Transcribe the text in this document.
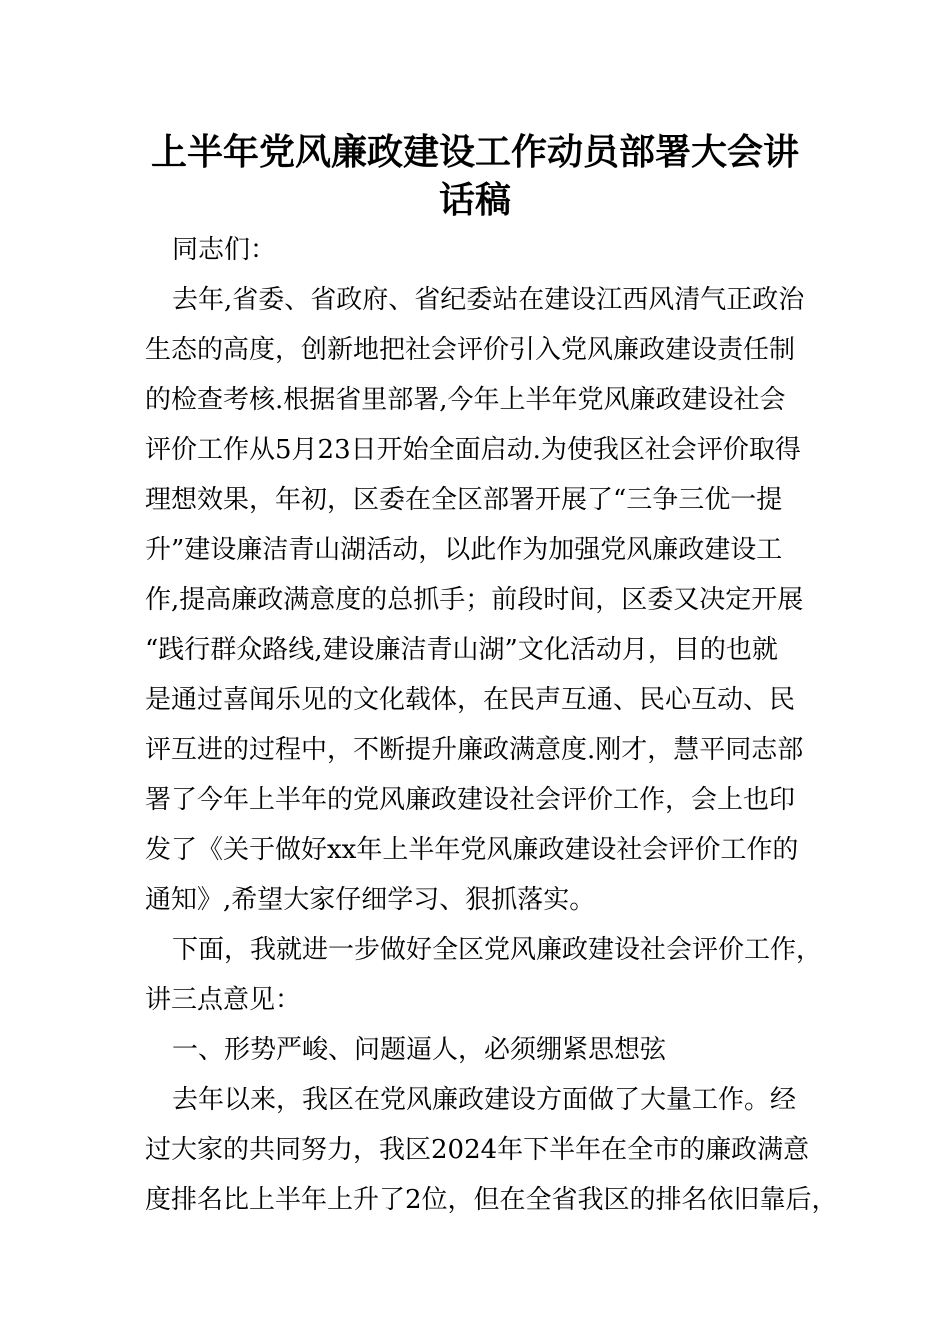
上半年党风廉政建设工作动员部署大会讲
话稿
同志们：
去年,省委、省政府、省纪委站在建设江西风清气正政治
生态的高度，创新地把社会评价引入党风廉政建设责任制
的检查考核.根据省里部署,今年上半年党风廉政建设社会
评价工作从5月23日开始全面启动.为使我区社会评价取得
理想效果，年初，区委在全区部署开展了“三争三优一提
升”建设廉洁青山湖活动，以此作为加强党风廉政建设工
作,提高廉政满意度的总抓手；前段时间，区委又决定开展
“践行群众路线,建设廉洁青山湖”文化活动月，目的也就
是通过喜闻乐见的文化载体，在民声互通、民心互动、民
评互进的过程中，不断提升廉政满意度.刚才，慧平同志部
署了今年上半年的党风廉政建设社会评价工作，会上也印
发了《关于做好xx年上半年党风廉政建设社会评价工作的
通知》,希望大家仔细学习、狠抓落实。
下面，我就进一步做好全区党风廉政建设社会评价工作，
讲三点意见：
一、形势严峻、问题逼人，必须绷紧思想弦
去年以来，我区在党风廉政建设方面做了大量工作。经
过大家的共同努力，我区2024年下半年在全市的廉政满意
度排名比上半年上升了2位，但在全省我区的排名依旧靠后，
